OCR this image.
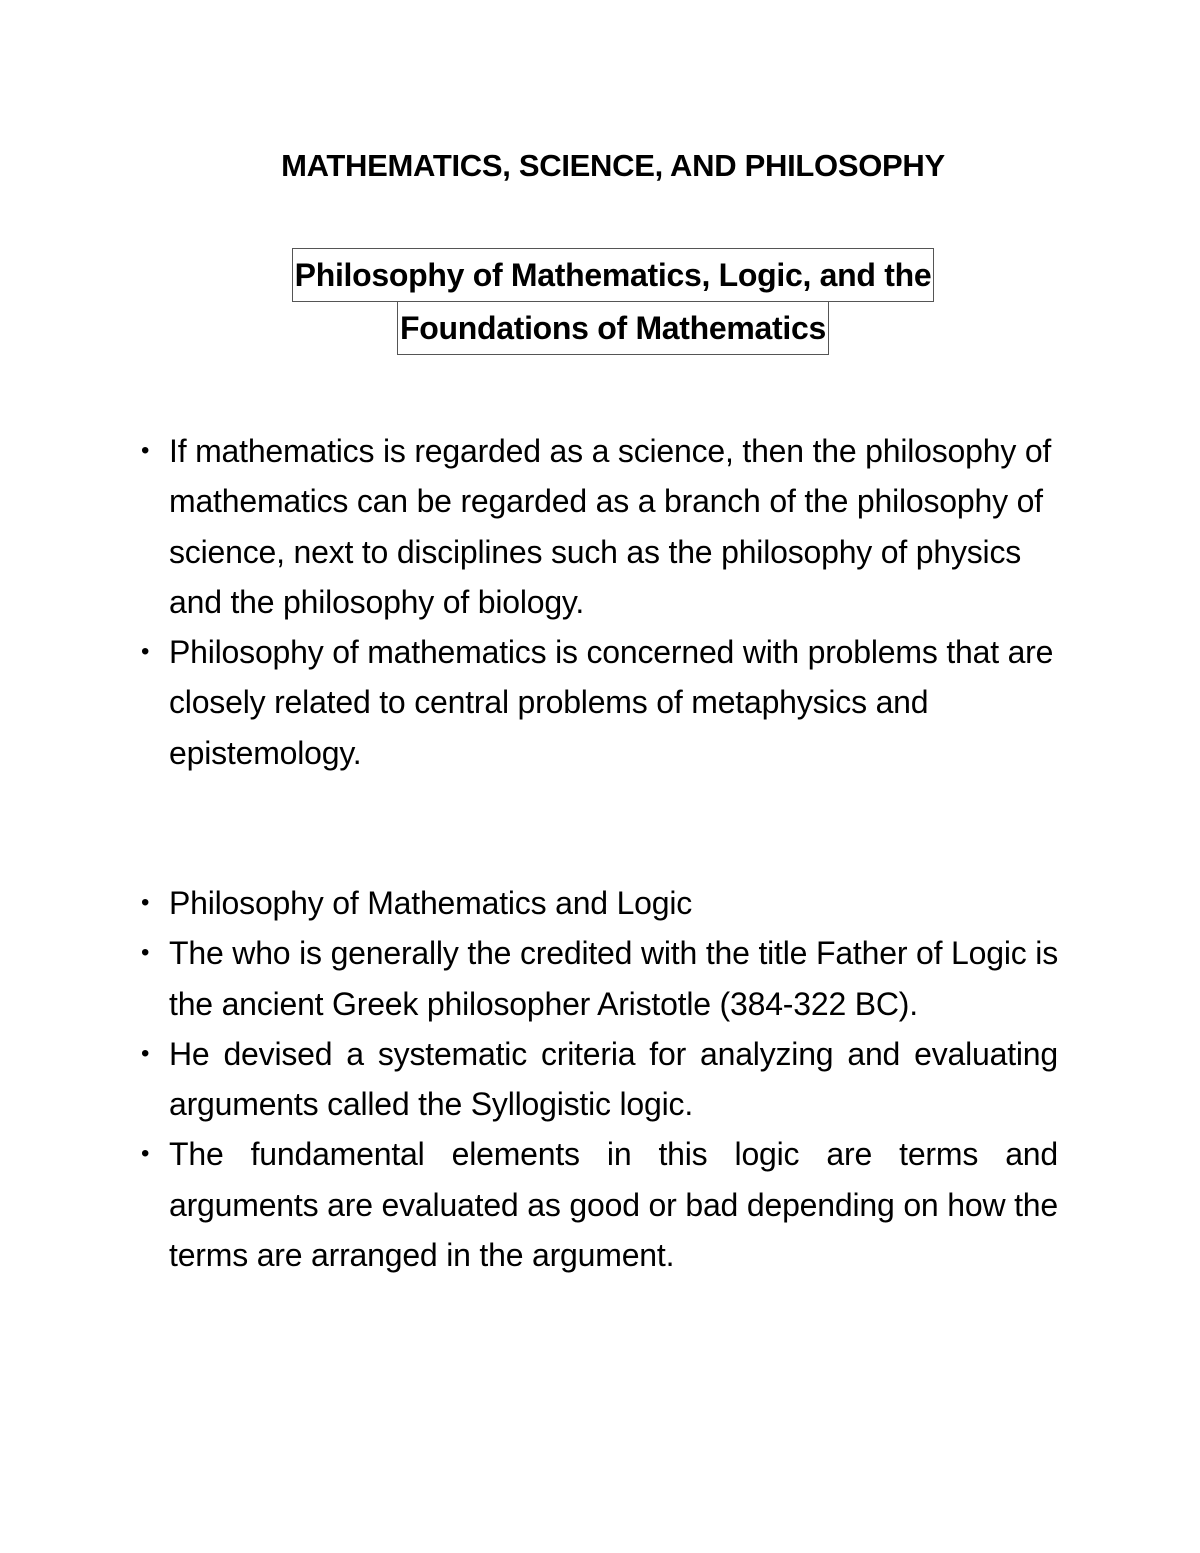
MATHEMATICS, SCIENCE, AND PHILOSOPHY
Philosophy of Mathematics, Logic, and the
Foundations of Mathematics
• If mathematics is regarded as a science, then the philosophy of mathematics can be regarded as a branch of the philosophy of science, next to disciplines such as the philosophy of physics and the philosophy of biology.
• Philosophy of mathematics is concerned with problems that are closely related to central problems of metaphysics and epistemology.
• Philosophy of Mathematics and Logic
• The who is generally the credited with the title Father of Logic is the ancient Greek philosopher Aristotle (384-322 BC).
• He devised a systematic criteria for analyzing and evaluating arguments called the Syllogistic logic.
• The fundamental elements in this logic are terms and arguments are evaluated as good or bad depending on how the terms are arranged in the argument.
